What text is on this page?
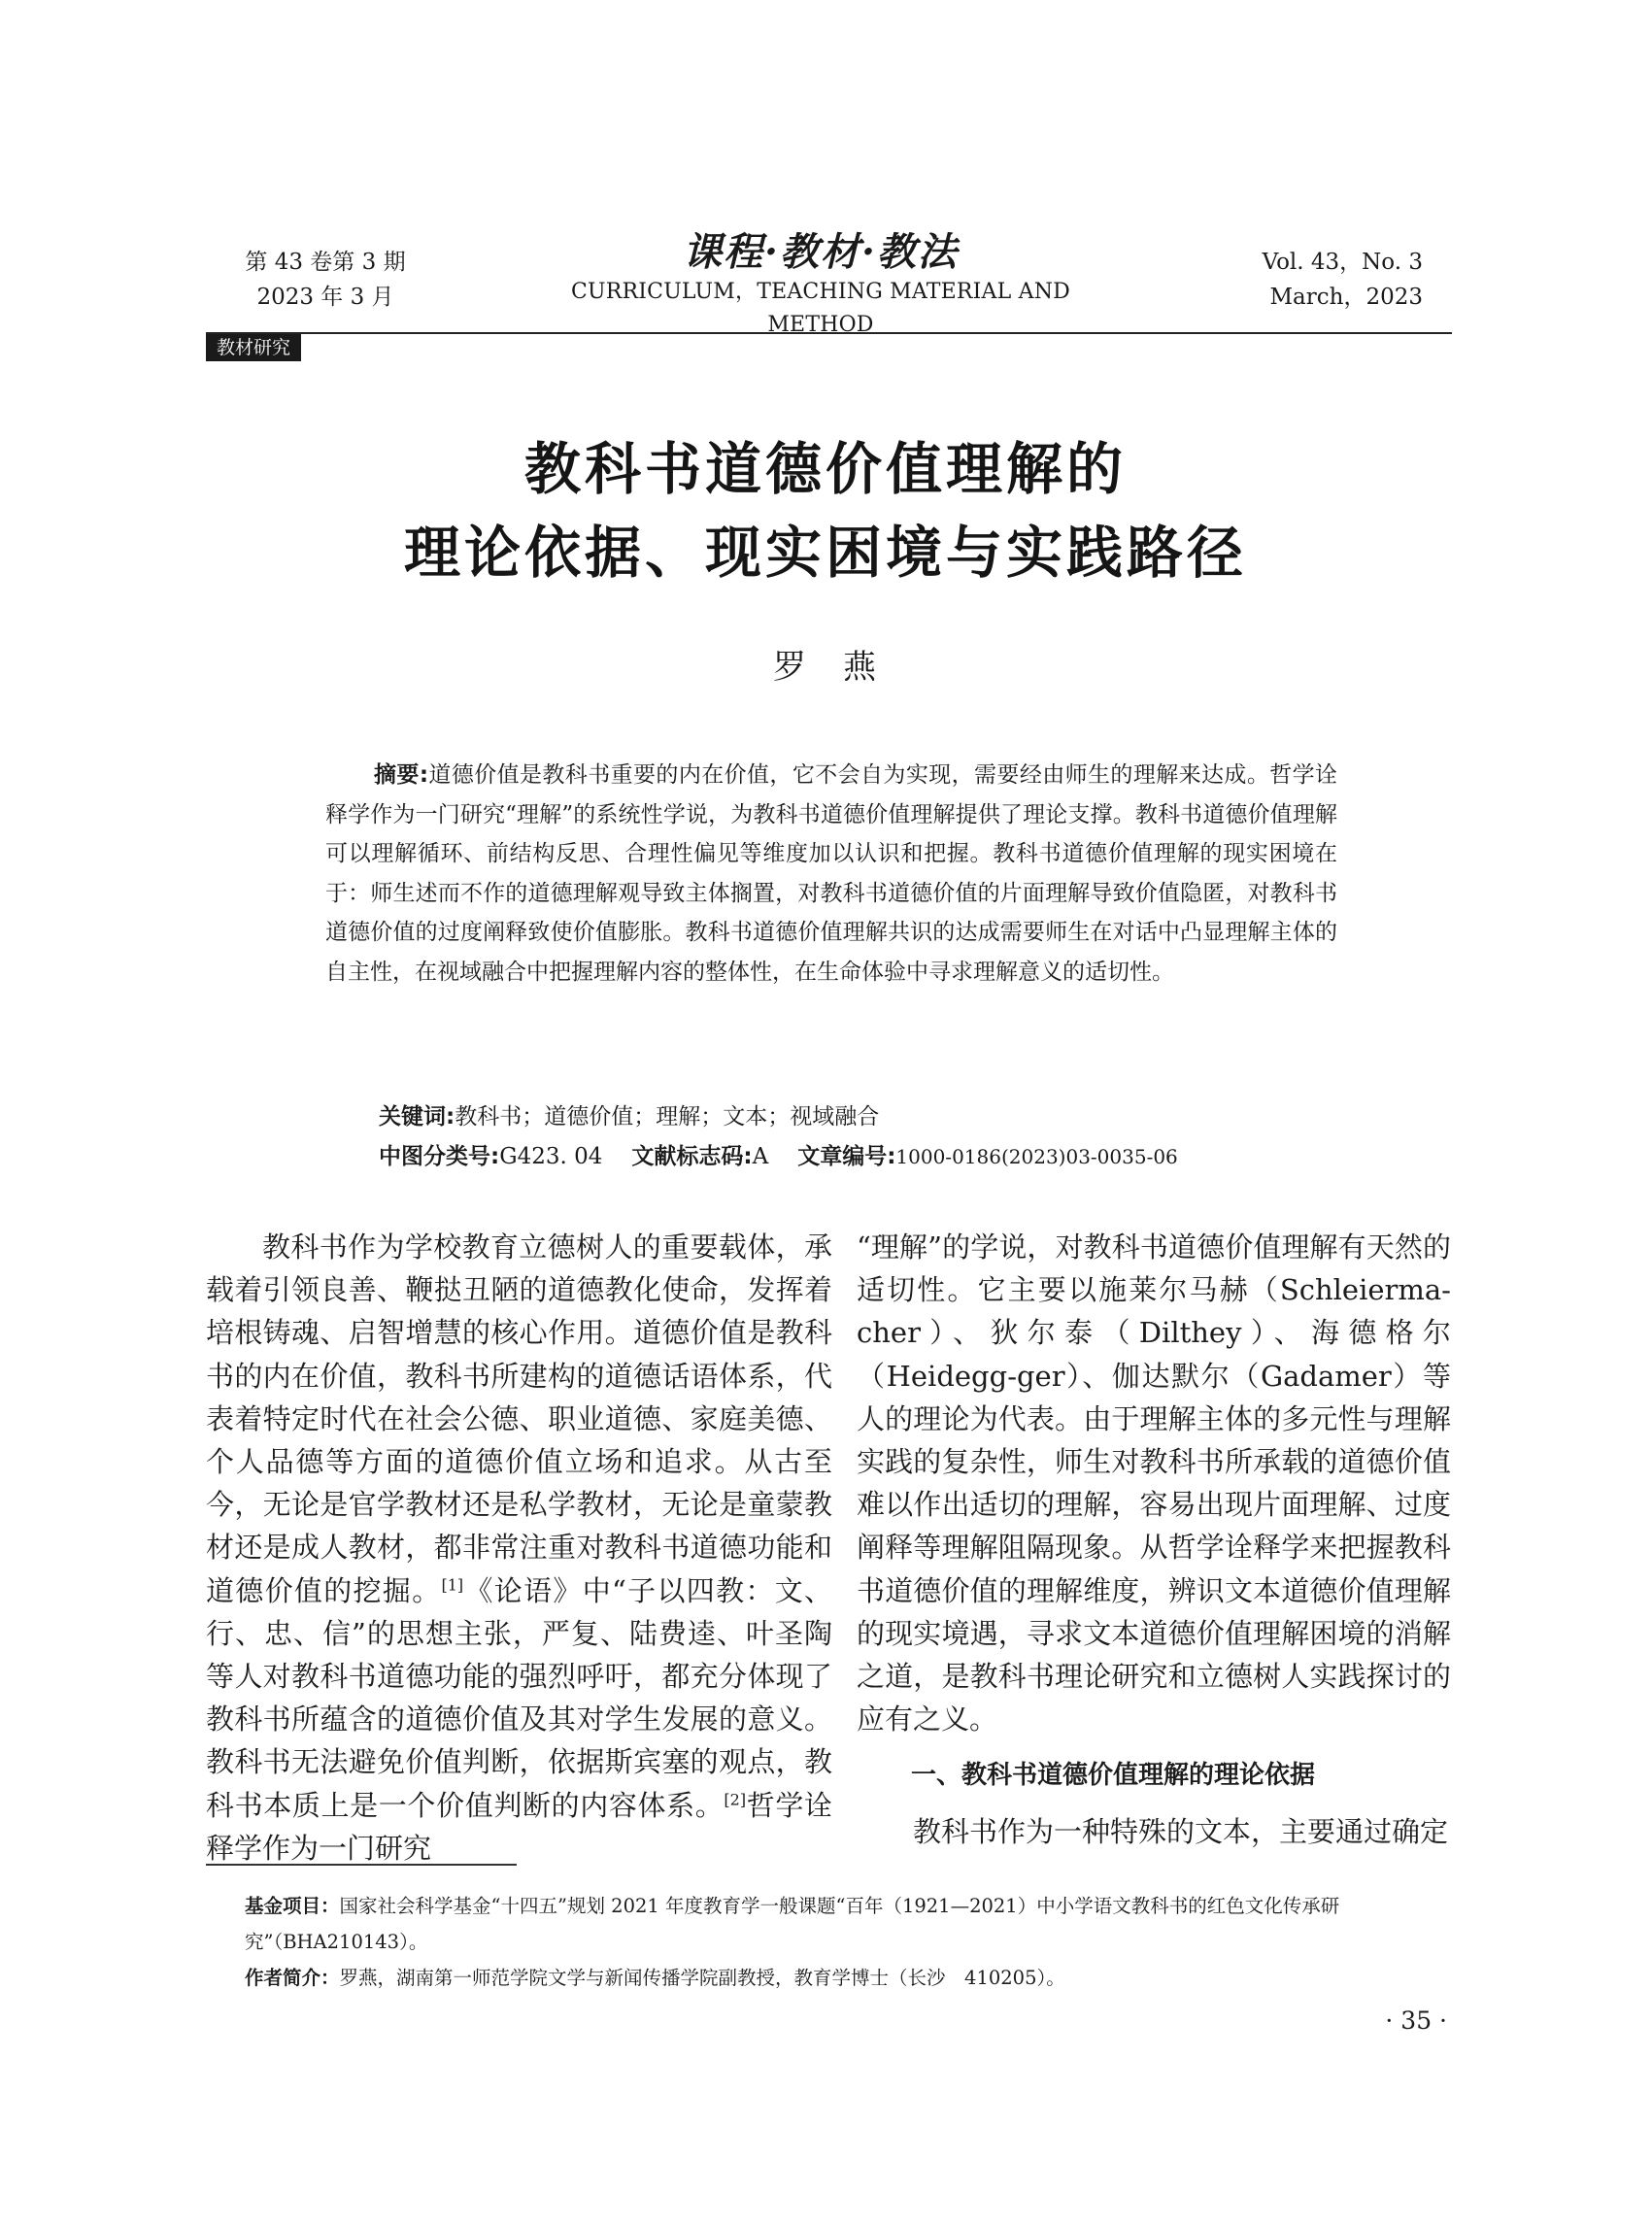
第 43 卷第 3 期
2023 年 3 月
课程·教材·教法
CURRICULUM，TEACHING MATERIAL AND METHOD
Vol. 43，No. 3
March，2023
教材研究
教科书道德价值理解的
理论依据、现实困境与实践路径
罗　燕
摘要:道德价值是教科书重要的内在价值，它不会自为实现，需要经由师生的理解来达成。哲学诠释学作为一门研究“理解”的系统性学说，为教科书道德价值理解提供了理论支撑。教科书道德价值理解可以理解循环、前结构反思、合理性偏见等维度加以认识和把握。教科书道德价值理解的现实困境在于：师生述而不作的道德理解观导致主体搁置，对教科书道德价值的片面理解导致价值隐匿，对教科书道德价值的过度阐释致使价值膨胀。教科书道德价值理解共识的达成需要师生在对话中凸显理解主体的自主性，在视域融合中把握理解内容的整体性，在生命体验中寻求理解意义的适切性。
关键词:教科书；道德价值；理解；文本；视域融合
中图分类号:G423. 04 文献标志码:A 文章编号:1000-0186(2023)03-0035-06

教科书作为学校教育立德树人的重要载体，承载着引领良善、鞭挞丑陋的道德教化使命，发挥着培根铸魂、启智增慧的核心作用。道德价值是教科书的内在价值，教科书所建构的道德话语体系，代表着特定时代在社会公德、职业道德、家庭美德、个人品德等方面的道德价值立场和追求。从古至今，无论是官学教材还是私学教材，无论是童蒙教材还是成人教材，都非常注重对教科书道德功能和道德价值的挖掘。[1]《论语》中“子以四教：文、行、忠、信”的思想主张，严复、陆费逵、叶圣陶等人对教科书道德功能的强烈呼吁，都充分体现了教科书所蕴含的道德价值及其对学生发展的意义。教科书无法避免价值判断，依据斯宾塞的观点，教科书本质上是一个价值判断的内容体系。[2]哲学诠释学作为一门研究

“理解”的学说，对教科书道德价值理解有天然的适切性。它主要以施莱尔马赫（Schleierma-cher）、狄尔泰（Dilthey）、海德格尔（Heidegg-ger）、伽达默尔（Gadamer）等人的理论为代表。由于理解主体的多元性与理解实践的复杂性，师生对教科书所承载的道德价值难以作出适切的理解，容易出现片面理解、过度阐释等理解阻隔现象。从哲学诠释学来把握教科书道德价值的理解维度，辨识文本道德价值理解的现实境遇，寻求文本道德价值理解困境的消解之道，是教科书理论研究和立德树人实践探讨的应有之义。

一、教科书道德价值理解的理论依据

教科书作为一种特殊的文本，主要通过确定

基金项目：国家社会科学基金“十四五”规划 2021 年度教育学一般课题“百年（1921—2021）中小学语文教科书的红色文化传承研究”（BHA210143）。

作者简介：罗燕，湖南第一师范学院文学与新闻传播学院副教授，教育学博士（长沙　410205）。

· 35 ·
